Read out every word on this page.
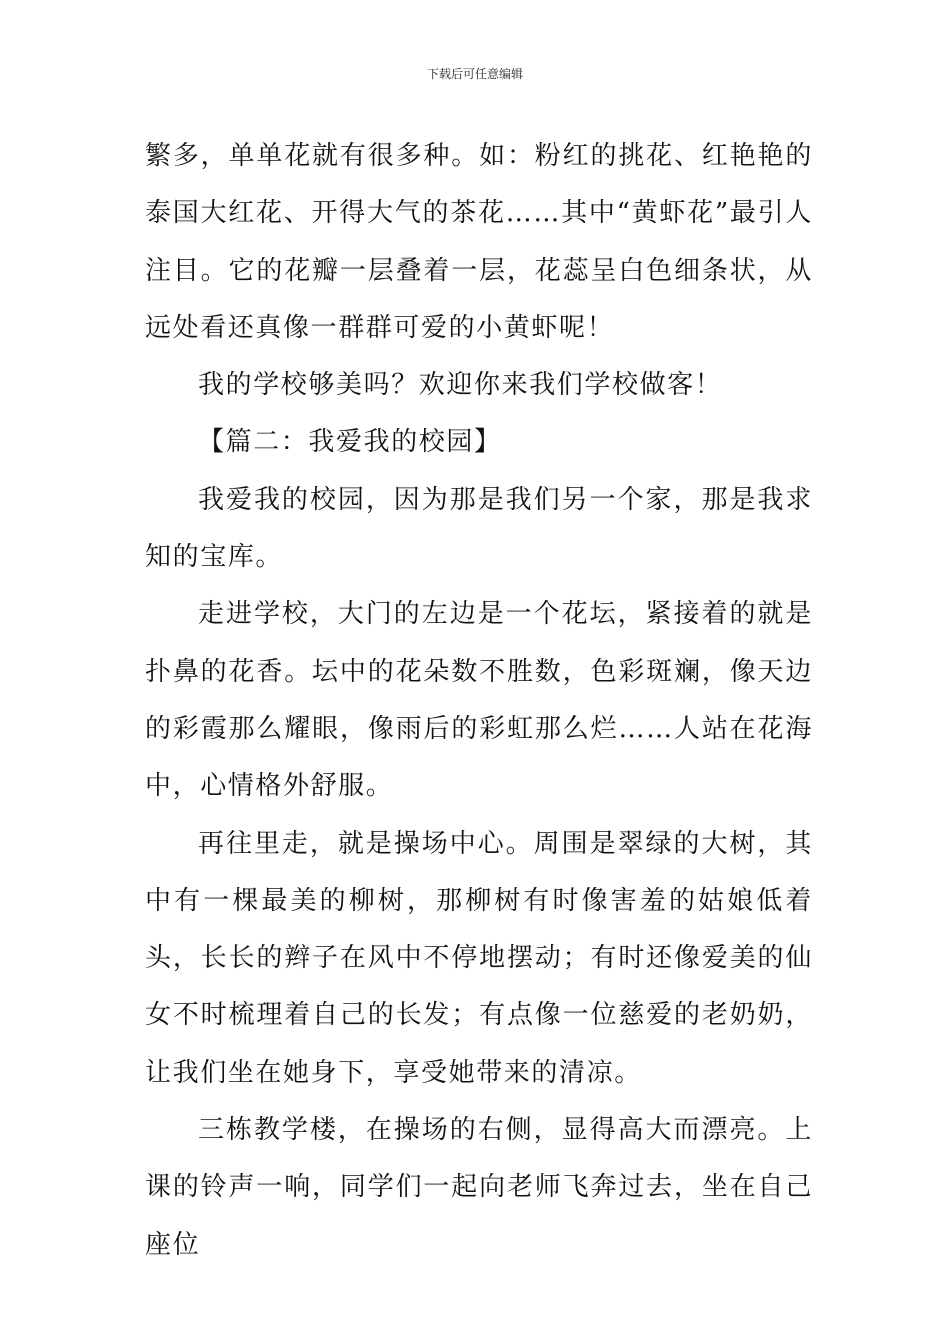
下载后可任意编辑

繁多，单单花就有很多种。如：粉红的挑花、红艳艳的泰国大红花、开得大气的茶花……其中“黄虾花”最引人注目。它的花瓣一层叠着一层，花蕊呈白色细条状，从远处看还真像一群群可爱的小黄虾呢！

我的学校够美吗？欢迎你来我们学校做客！

【篇二：我爱我的校园】

我爱我的校园，因为那是我们另一个家，那是我求知的宝库。

走进学校，大门的左边是一个花坛，紧接着的就是扑鼻的花香。坛中的花朵数不胜数，色彩斑斓，像天边的彩霞那么耀眼，像雨后的彩虹那么烂……人站在花海中，心情格外舒服。

再往里走，就是操场中心。周围是翠绿的大树，其中有一棵最美的柳树，那柳树有时像害羞的姑娘低着头，长长的辫子在风中不停地摆动；有时还像爱美的仙女不时梳理着自己的长发；有点像一位慈爱的老奶奶，让我们坐在她身下，享受她带来的清凉。

三栋教学楼，在操场的右侧，显得高大而漂亮。上课的铃声一响，同学们一起向老师飞奔过去，坐在自己座位
